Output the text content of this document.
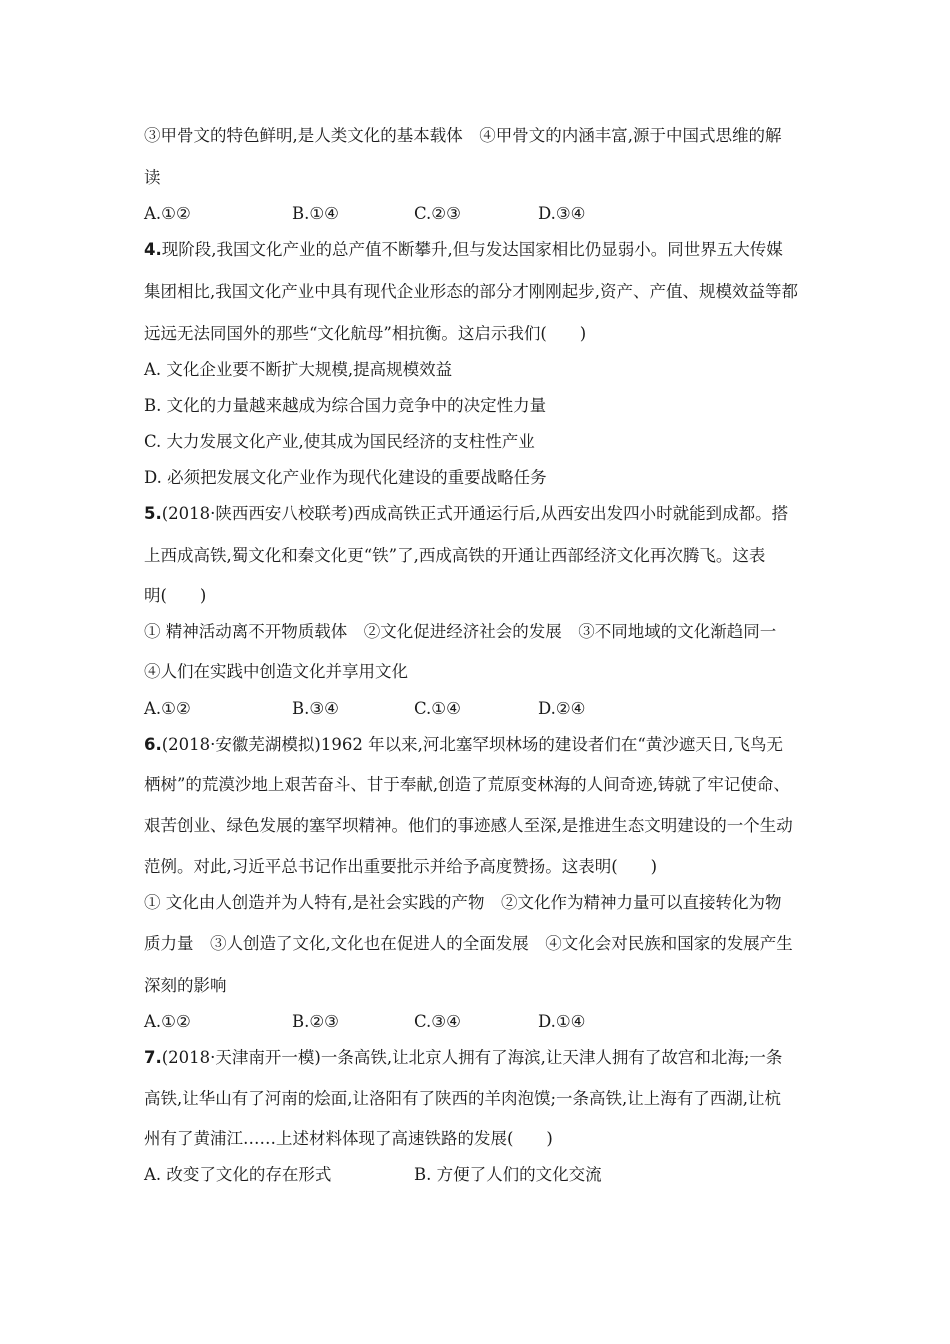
③甲骨文的特色鲜明,是人类文化的基本载体　④甲骨文的内涵丰富,源于中国式思维的解
读
A.①②	B.①④	C.②③	D.③④
4.现阶段,我国文化产业的总产值不断攀升,但与发达国家相比仍显弱小。同世界五大传媒
集团相比,我国文化产业中具有现代企业形态的部分才刚刚起步,资产、产值、规模效益等都
远远无法同国外的那些“文化航母”相抗衡。这启示我们(　　)
A. 文化企业要不断扩大规模,提高规模效益
B. 文化的力量越来越成为综合国力竞争中的决定性力量
C. 大力发展文化产业,使其成为国民经济的支柱性产业
D. 必须把发展文化产业作为现代化建设的重要战略任务
5.(2018·陕西西安八校联考)西成高铁正式开通运行后,从西安出发四小时就能到成都。搭
上西成高铁,蜀文化和秦文化更“铁”了,西成高铁的开通让西部经济文化再次腾飞。这表
明(　　)
① 精神活动离不开物质载体　②文化促进经济社会的发展　③不同地域的文化渐趋同一
④人们在实践中创造文化并享用文化
A.①②	B.③④	C.①④	D.②④
6.(2018·安徽芜湖模拟)1962 年以来,河北塞罕坝林场的建设者们在“黄沙遮天日,飞鸟无
栖树”的荒漠沙地上艰苦奋斗、甘于奉献,创造了荒原变林海的人间奇迹,铸就了牢记使命、
艰苦创业、绿色发展的塞罕坝精神。他们的事迹感人至深,是推进生态文明建设的一个生动
范例。对此,习近平总书记作出重要批示并给予高度赞扬。这表明(　　)
① 文化由人创造并为人特有,是社会实践的产物　②文化作为精神力量可以直接转化为物
质力量　③人创造了文化,文化也在促进人的全面发展　④文化会对民族和国家的发展产生
深刻的影响
A.①②	B.②③	C.③④	D.①④
7.(2018·天津南开一模)一条高铁,让北京人拥有了海滨,让天津人拥有了故宫和北海;一条
高铁,让华山有了河南的烩面,让洛阳有了陕西的羊肉泡馍;一条高铁,让上海有了西湖,让杭
州有了黄浦江……上述材料体现了高速铁路的发展(　　)
A. 改变了文化的存在形式	B. 方便了人们的文化交流
